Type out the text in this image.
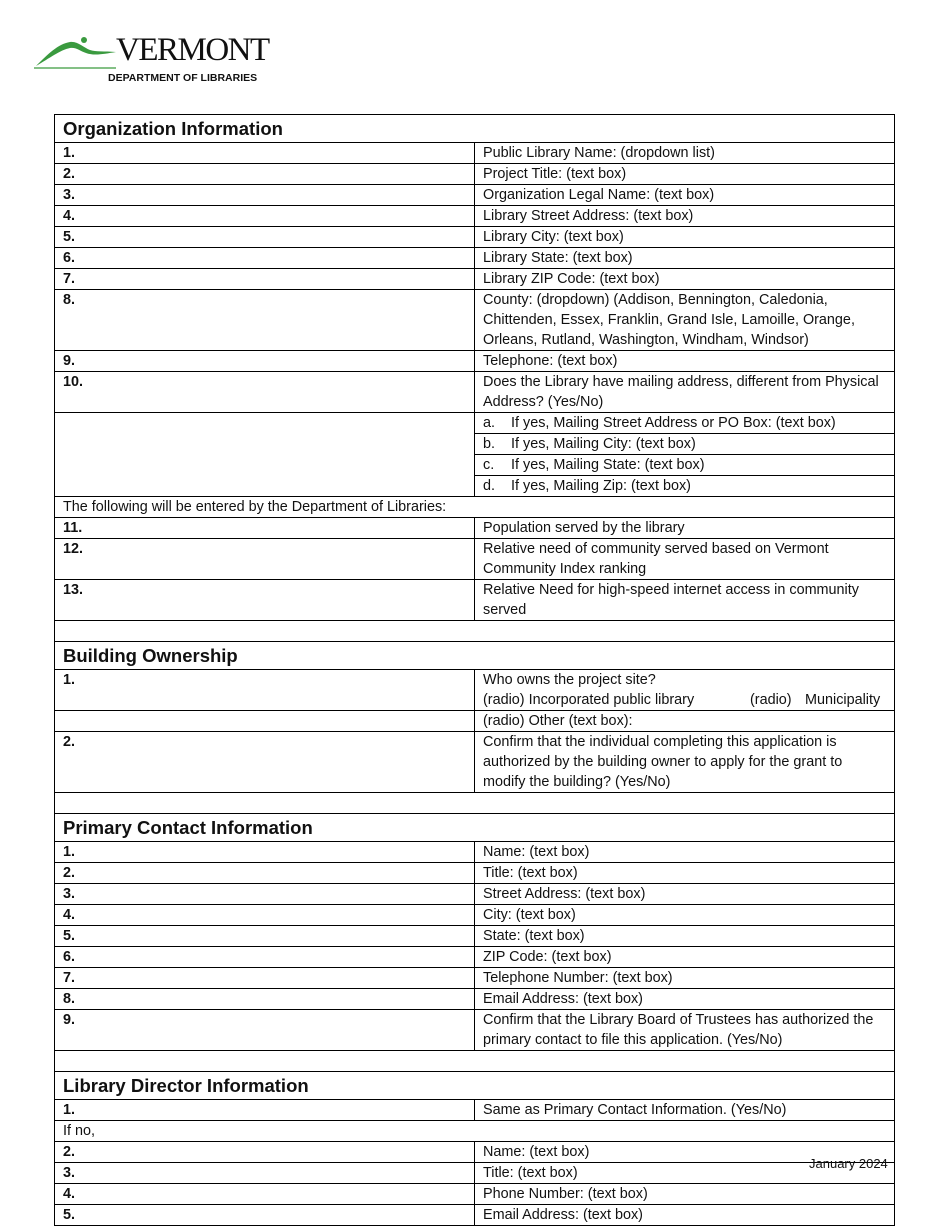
VERMONT
DEPARTMENT OF LIBRARIES
Organization Information	
1.	Public Library Name: (dropdown list)
2.	Project Title: (text box)
3.	Organization Legal Name: (text box)
4.	Library Street Address: (text box)
5.	Library City: (text box)
6.	Library State: (text box)
7.	Library ZIP Code: (text box)
8.	County: (dropdown) (Addison, Bennington, Caledonia, Chittenden, Essex, Franklin, Grand Isle, Lamoille, Orange, Orleans, Rutland, Washington, Windham, Windsor)
9.	Telephone: (text box)
10.	Does the Library have mailing address, different from Physical Address? (Yes/No)
	a. If yes, Mailing Street Address or PO Box: (text box)
	b. If yes, Mailing City: (text box)
	c. If yes, Mailing State: (text box)
	d. If yes, Mailing Zip: (text box)
The following will be entered by the Department of Libraries:	
11.	Population served by the library
12.	Relative need of community served based on Vermont Community Index ranking
13.	Relative Need for high-speed internet access in community served

Building Ownership	
1.	Who owns the project site?(radio) Incorporated public library (radio) Municipality
	(radio) Other (text box):
2.	Confirm that the individual completing this application is authorized by the building owner to apply for the grant to modify the building? (Yes/No)

Primary Contact Information	
1.	Name: (text box)
2.	Title: (text box)
3.	Street Address: (text box)
4.	City: (text box)
5.	State: (text box)
6.	ZIP Code: (text box)
7.	Telephone Number: (text box)
8.	Email Address: (text box)
9.	Confirm that the Library Board of Trustees has authorized the primary contact to file this application. (Yes/No)

Library Director Information	
1.	Same as Primary Contact Information. (Yes/No)
If no,	
2.	Name: (text box)
3.	Title: (text box)
4.	Phone Number: (text box)
5.	Email Address: (text box)
January 2024
